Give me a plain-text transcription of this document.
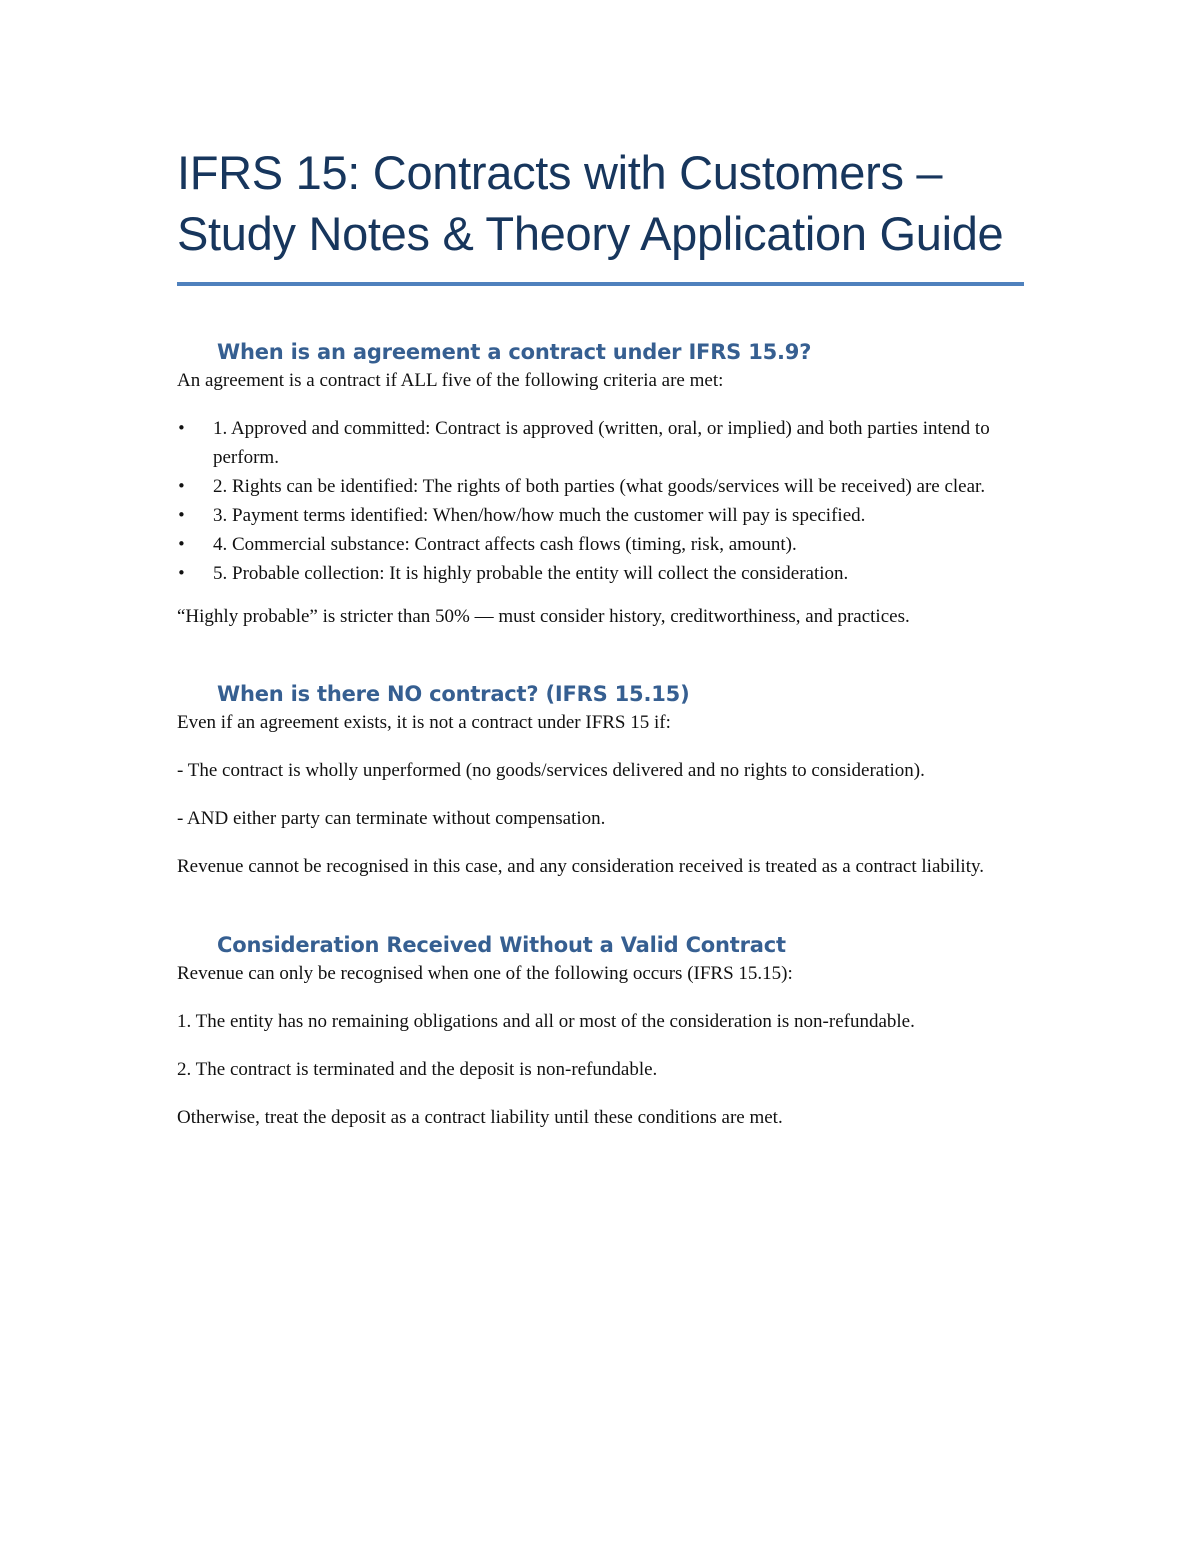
IFRS 15: Contracts with Customers – Study Notes & Theory Application Guide
When is an agreement a contract under IFRS 15.9?

An agreement is a contract if ALL five of the following criteria are met:

• 1. Approved and committed: Contract is approved (written, oral, or implied) and both parties intend to perform.
• 2. Rights can be identified: The rights of both parties (what goods/services will be received) are clear.
• 3. Payment terms identified: When/how/how much the customer will pay is specified.
• 4. Commercial substance: Contract affects cash flows (timing, risk, amount).
• 5. Probable collection: It is highly probable the entity will collect the consideration.

“Highly probable” is stricter than 50% — must consider history, creditworthiness, and practices.

When is there NO contract? (IFRS 15.15)

Even if an agreement exists, it is not a contract under IFRS 15 if:

- The contract is wholly unperformed (no goods/services delivered and no rights to consideration).

- AND either party can terminate without compensation.

Revenue cannot be recognised in this case, and any consideration received is treated as a contract liability.

Consideration Received Without a Valid Contract

Revenue can only be recognised when one of the following occurs (IFRS 15.15):

1. The entity has no remaining obligations and all or most of the consideration is non-refundable.

2. The contract is terminated and the deposit is non-refundable.

Otherwise, treat the deposit as a contract liability until these conditions are met.
